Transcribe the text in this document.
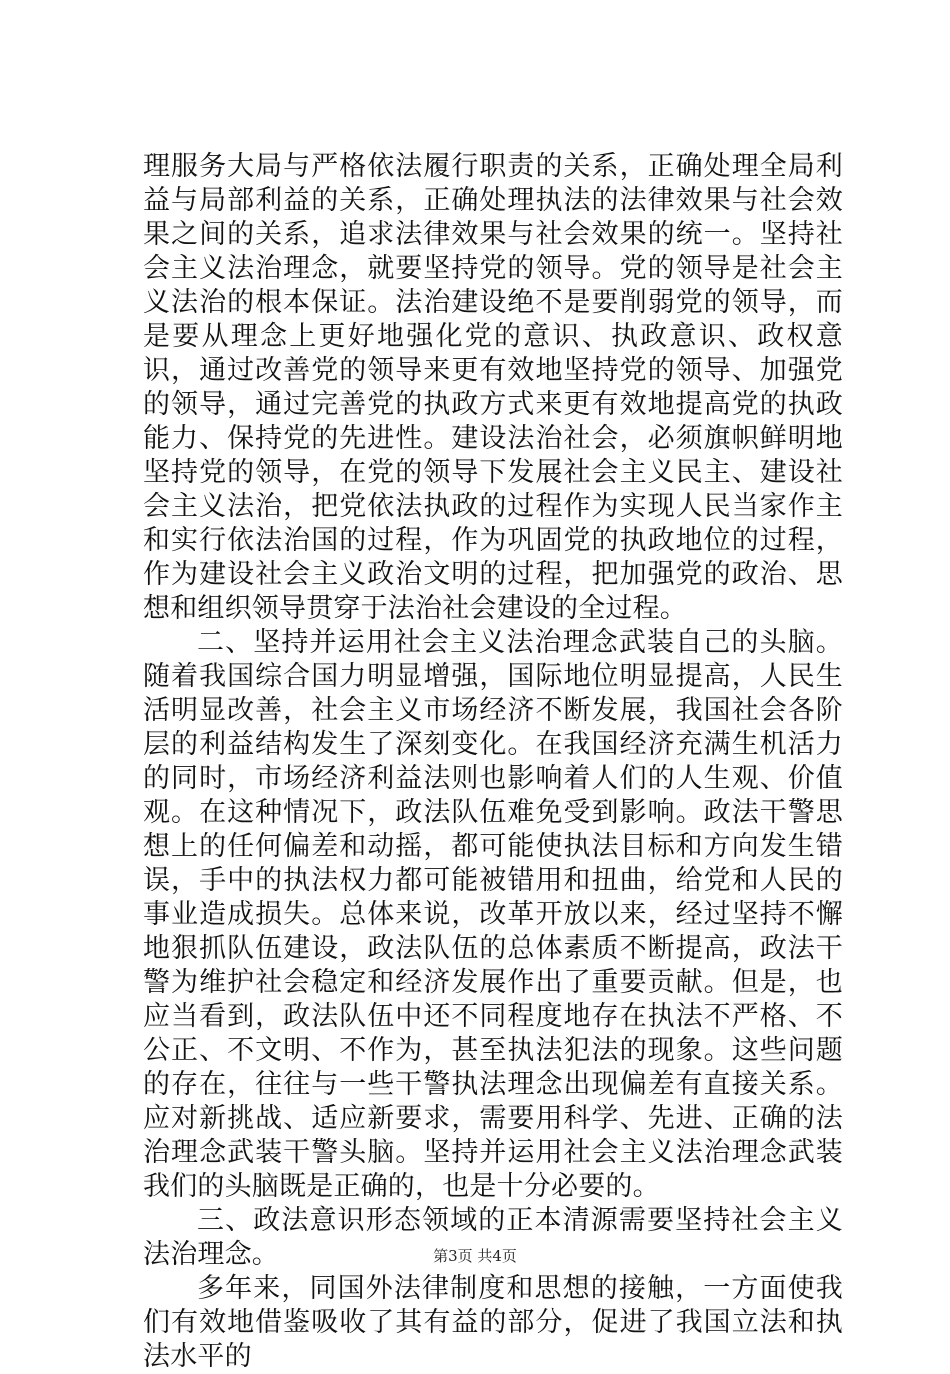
理服务大局与严格依法履行职责的关系，正确处理全局利益与局部利益的关系，正确处理执法的法律效果与社会效果之间的关系，追求法律效果与社会效果的统一。坚持社会主义法治理念，就要坚持党的领导。党的领导是社会主义法治的根本保证。法治建设绝不是要削弱党的领导，而是要从理念上更好地强化党的意识、执政意识、政权意识，通过改善党的领导来更有效地坚持党的领导、加强党的领导，通过完善党的执政方式来更有效地提高党的执政能力、保持党的先进性。建设法治社会，必须旗帜鲜明地坚持党的领导，在党的领导下发展社会主义民主、建设社会主义法治，把党依法执政的过程作为实现人民当家作主和实行依法治国的过程，作为巩固党的执政地位的过程，作为建设社会主义政治文明的过程，把加强党的政治、思想和组织领导贯穿于法治社会建设的全过程。

二、坚持并运用社会主义法治理念武装自己的头脑。随着我国综合国力明显增强，国际地位明显提高，人民生活明显改善，社会主义市场经济不断发展，我国社会各阶层的利益结构发生了深刻变化。在我国经济充满生机活力的同时，市场经济利益法则也影响着人们的人生观、价值观。在这种情况下，政法队伍难免受到影响。政法干警思想上的任何偏差和动摇，都可能使执法目标和方向发生错误，手中的执法权力都可能被错用和扭曲，给党和人民的事业造成损失。总体来说，改革开放以来，经过坚持不懈地狠抓队伍建设，政法队伍的总体素质不断提高，政法干警为维护社会稳定和经济发展作出了重要贡献。但是，也应当看到，政法队伍中还不同程度地存在执法不严格、不公正、不文明、不作为，甚至执法犯法的现象。这些问题的存在，往往与一些干警执法理念出现偏差有直接关系。应对新挑战、适应新要求，需要用科学、先进、正确的法治理念武装干警头脑。坚持并运用社会主义法治理念武装我们的头脑既是正确的，也是十分必要的。

三、政法意识形态领域的正本清源需要坚持社会主义法治理念。

多年来，同国外法律制度和思想的接触，一方面使我们有效地借鉴吸收了其有益的部分，促进了我国立法和执法水平的

第3页 共4页
